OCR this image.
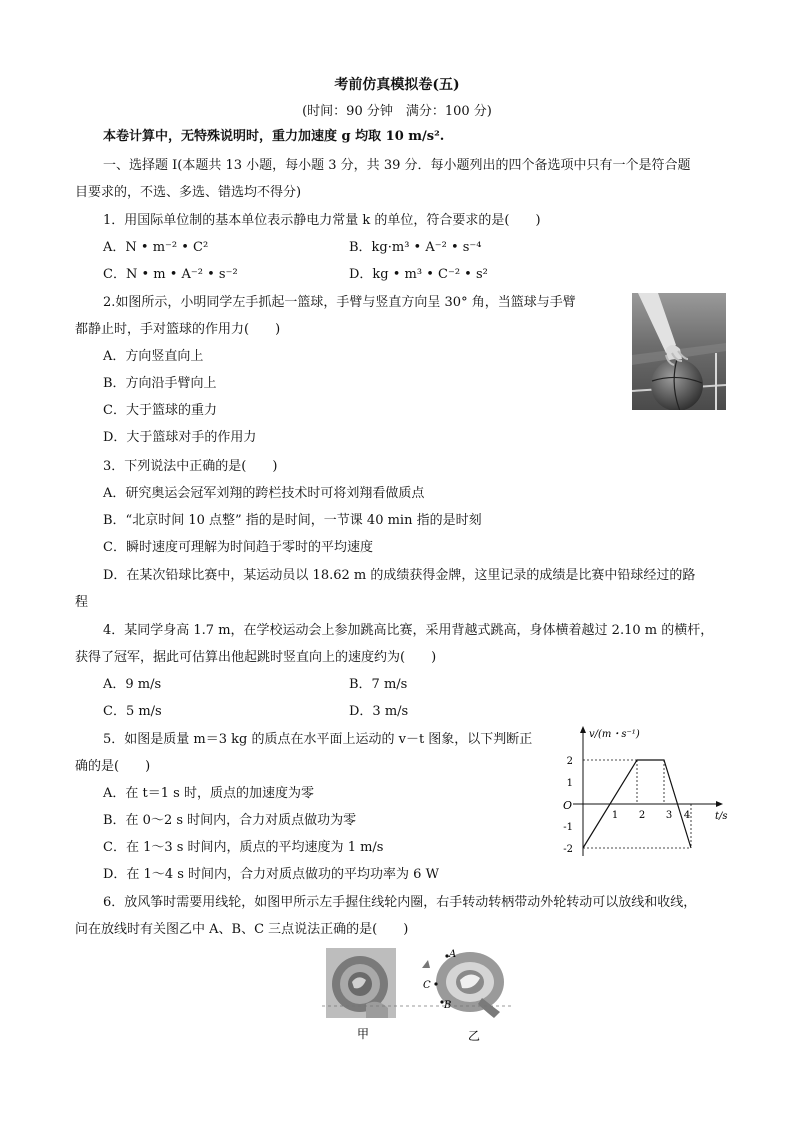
考前仿真模拟卷(五)
(时间：90 分钟　满分：100 分)
本卷计算中，无特殊说明时，重力加速度 g 均取 10 m/s².
一、选择题 Ⅰ(本题共 13 小题，每小题 3 分，共 39 分．每小题列出的四个备选项中只有一个是符合题
目要求的，不选、多选、错选均不得分)
1．用国际单位制的基本单位表示静电力常量 k 的单位，符合要求的是(　　)
A．N • m⁻² • C²	B．kg·m³ • A⁻² • s⁻⁴
C．N • m • A⁻² • s⁻²	D．kg • m³ • C⁻² • s²
2.如图所示，小明同学左手抓起一篮球，手臂与竖直方向呈 30° 角，当篮球与手臂
都静止时，手对篮球的作用力(　　)
A．方向竖直向上
B．方向沿手臂向上
C．大于篮球的重力
D．大于篮球对手的作用力
3．下列说法中正确的是(　　)
A．研究奥运会冠军刘翔的跨栏技术时可将刘翔看做质点
B．“北京时间 10 点整” 指的是时间，一节课 40 min 指的是时刻
C．瞬时速度可理解为时间趋于零时的平均速度
D．在某次铅球比赛中，某运动员以 18.62 m 的成绩获得金牌，这里记录的成绩是比赛中铅球经过的路
程
4．某同学身高 1.7 m，在学校运动会上参加跳高比赛，采用背越式跳高，身体横着越过 2.10 m 的横杆，
获得了冠军，据此可估算出他起跳时竖直向上的速度约为(　　)
A．9 m/s	B．7 m/s
C．5 m/s	D．3 m/s
5．如图是质量 m＝3 kg 的质点在水平面上运动的 v－t 图象，以下判断正
确的是(　　)
A．在 t＝1 s 时，质点的加速度为零
B．在 0～2 s 时间内，合力对质点做功为零
C．在 1～3 s 时间内，质点的平均速度为 1 m/s
D．在 1～4 s 时间内，合力对质点做功的平均功率为 6 W
v/(m・s⁻¹)
t/s
O
1 2 3 4
2
1
-1
-2
6．放风筝时需要用线轮，如图甲所示左手握住线轮内圈，右手转动转柄带动外轮转动可以放线和收线，
问在放线时有关图乙中 A、B、C 三点说法正确的是(　　)
A
B
C
甲	乙
